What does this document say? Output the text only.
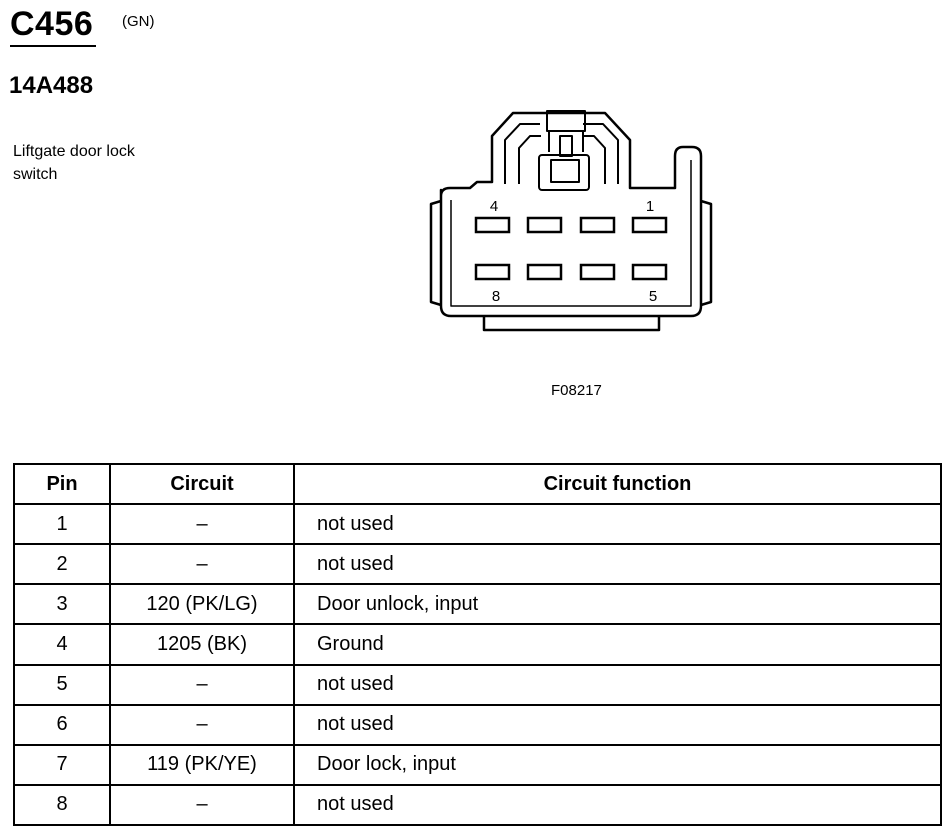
C456 (GN)
14A488
Liftgate door lock switch
4	1
8	5
F08217
Pin	Circuit	Circuit function
1	–	not used
2	–	not used
3	120 (PK/LG)	Door unlock, input
4	1205 (BK)	Ground
5	–	not used
6	–	not used
7	119 (PK/YE)	Door lock, input
8	–	not used
